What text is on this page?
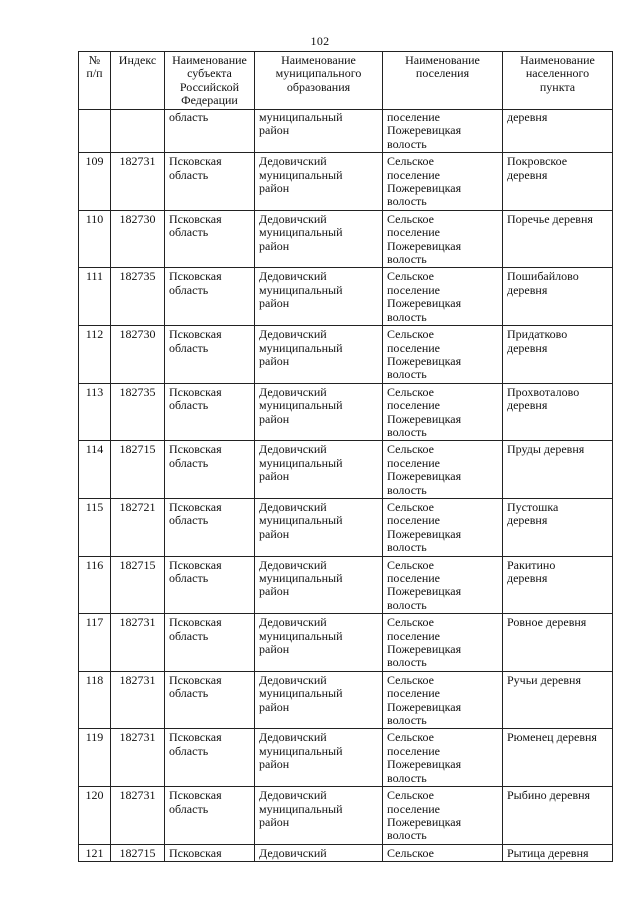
102
№
п/п	Индекс	Наименование
субъекта
Российской
Федерации	Наименование
муниципального
образования	Наименование
поселения	Наименование
населенного
пункта
		область	муниципальный
район	поселение
Пожеревицкая
волость	деревня
109	182731	Псковская
область	Дедовичский
муниципальный
район	Сельское
поселение
Пожеревицкая
волость	Покровское
деревня
110	182730	Псковская
область	Дедовичский
муниципальный
район	Сельское
поселение
Пожеревицкая
волость	Поречье деревня
111	182735	Псковская
область	Дедовичский
муниципальный
район	Сельское
поселение
Пожеревицкая
волость	Пошибайлово
деревня
112	182730	Псковская
область	Дедовичский
муниципальный
район	Сельское
поселение
Пожеревицкая
волость	Придатково
деревня
113	182735	Псковская
область	Дедовичский
муниципальный
район	Сельское
поселение
Пожеревицкая
волость	Прохвоталово
деревня
114	182715	Псковская
область	Дедовичский
муниципальный
район	Сельское
поселение
Пожеревицкая
волость	Пруды деревня
115	182721	Псковская
область	Дедовичский
муниципальный
район	Сельское
поселение
Пожеревицкая
волость	Пустошка
деревня
116	182715	Псковская
область	Дедовичский
муниципальный
район	Сельское
поселение
Пожеревицкая
волость	Ракитино
деревня
117	182731	Псковская
область	Дедовичский
муниципальный
район	Сельское
поселение
Пожеревицкая
волость	Ровное деревня
118	182731	Псковская
область	Дедовичский
муниципальный
район	Сельское
поселение
Пожеревицкая
волость	Ручьи деревня
119	182731	Псковская
область	Дедовичский
муниципальный
район	Сельское
поселение
Пожеревицкая
волость	Рюменец деревня
120	182731	Псковская
область	Дедовичский
муниципальный
район	Сельское
поселение
Пожеревицкая
волость	Рыбино деревня
121	182715	Псковская	Дедовичский	Сельское	Рытица деревня
